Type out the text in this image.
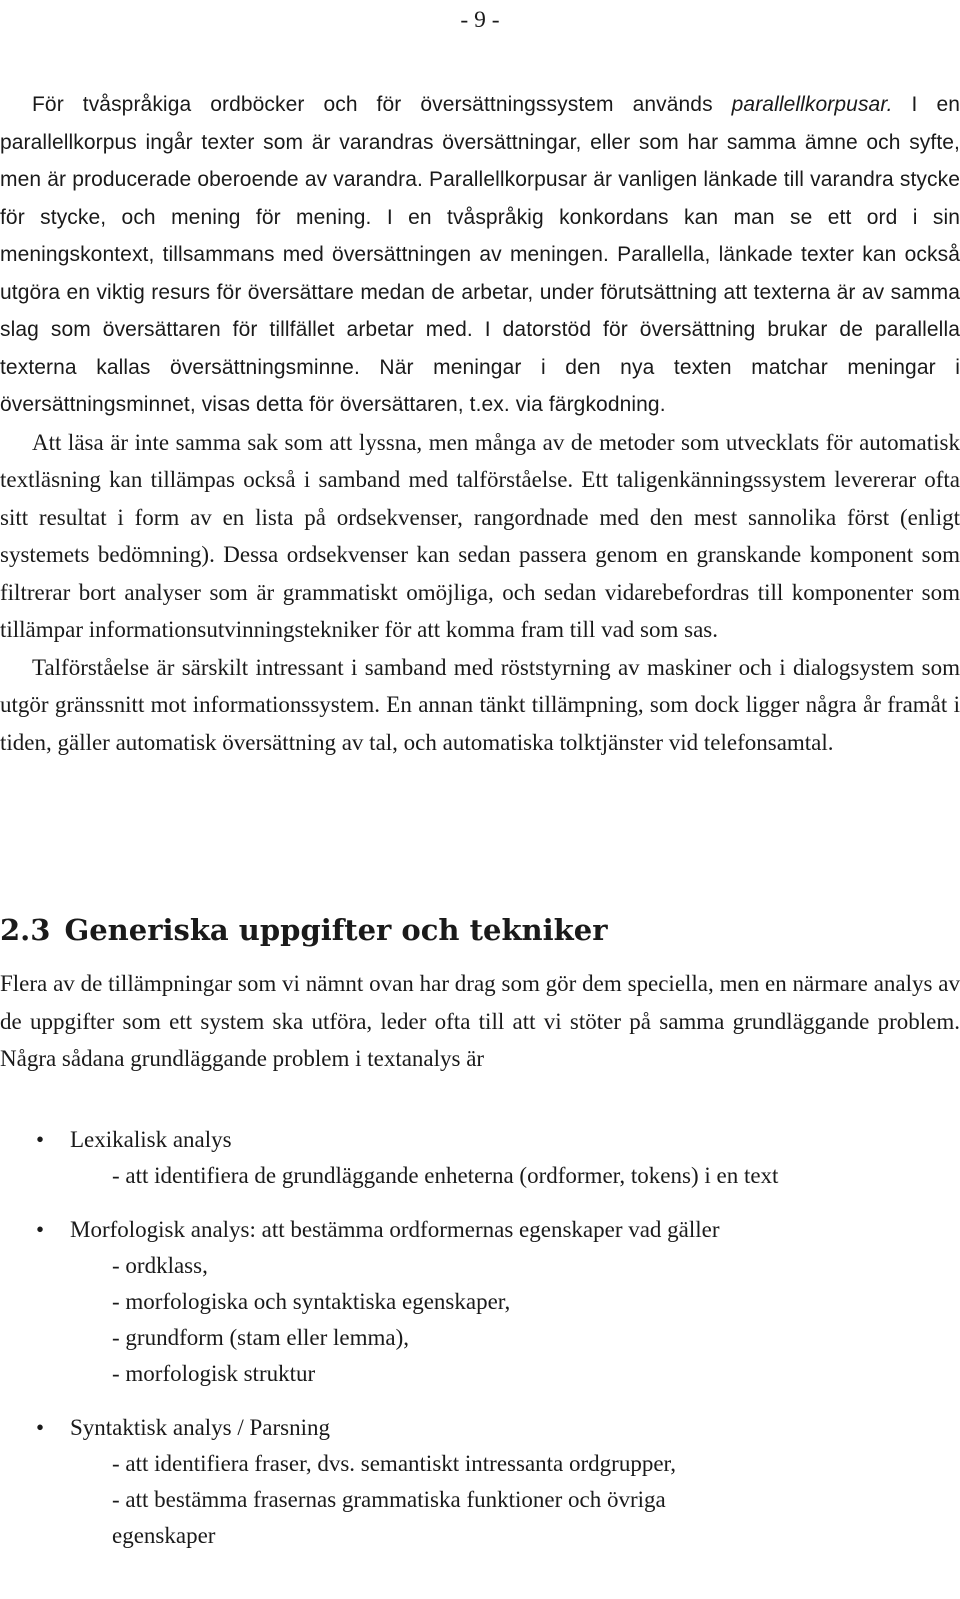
- 9 -

För tvåspråkiga ordböcker och för översättningssystem används parallellkorpusar. I en parallellkorpus ingår texter som är varandras översättningar, eller som har samma ämne och syfte, men är producerade oberoende av varandra. Parallellkorpusar är vanligen länkade till varandra stycke för stycke, och mening för mening. I en tvåspråkig konkordans kan man se ett ord i sin meningskontext, tillsammans med översättningen av meningen. Parallella, länkade texter kan också utgöra en viktig resurs för översättare medan de arbetar, under förutsättning att texterna är av samma slag som översättaren för tillfället arbetar med. I datorstöd för översättning brukar de parallella texterna kallas översättningsminne. När meningar i den nya texten matchar meningar i översättningsminnet, visas detta för översättaren, t.ex. via färgkodning.

Att läsa är inte samma sak som att lyssna, men många av de metoder som utvecklats för automatisk textläsning kan tillämpas också i samband med talförståelse. Ett taligenkänningssystem levererar ofta sitt resultat i form av en lista på ordsekvenser, rangordnade med den mest sannolika först (enligt systemets bedömning). Dessa ordsekvenser kan sedan passera genom en granskande komponent som filtrerar bort analyser som är grammatiskt omöjliga, och sedan vidarebefordras till komponenter som tillämpar informationsutvinningstekniker för att komma fram till vad som sas.

Talförståelse är särskilt intressant i samband med röststyrning av maskiner och i dialogsystem som utgör gränssnitt mot informationssystem. En annan tänkt tillämpning, som dock ligger några år framåt i tiden, gäller automatisk översättning av tal, och automatiska tolktjänster vid telefonsamtal.

2.3 Generiska uppgifter och tekniker

Flera av de tillämpningar som vi nämnt ovan har drag som gör dem speciella, men en närmare analys av de uppgifter som ett system ska utföra, leder ofta till att vi stöter på samma grundläggande problem. Några sådana grundläggande problem i textanalys är

• Lexikalisk analys
- att identifiera de grundläggande enheterna (ordformer, tokens) i en text
• Morfologisk analys: att bestämma ordformernas egenskaper vad gäller
- ordklass,
- morfologiska och syntaktiska egenskaper,
- grundform (stam eller lemma),
- morfologisk struktur
• Syntaktisk analys / Parsning
- att identifiera fraser, dvs. semantiskt intressanta ordgrupper,
- att bestämma frasernas grammatiska funktioner och övriga
egenskaper
